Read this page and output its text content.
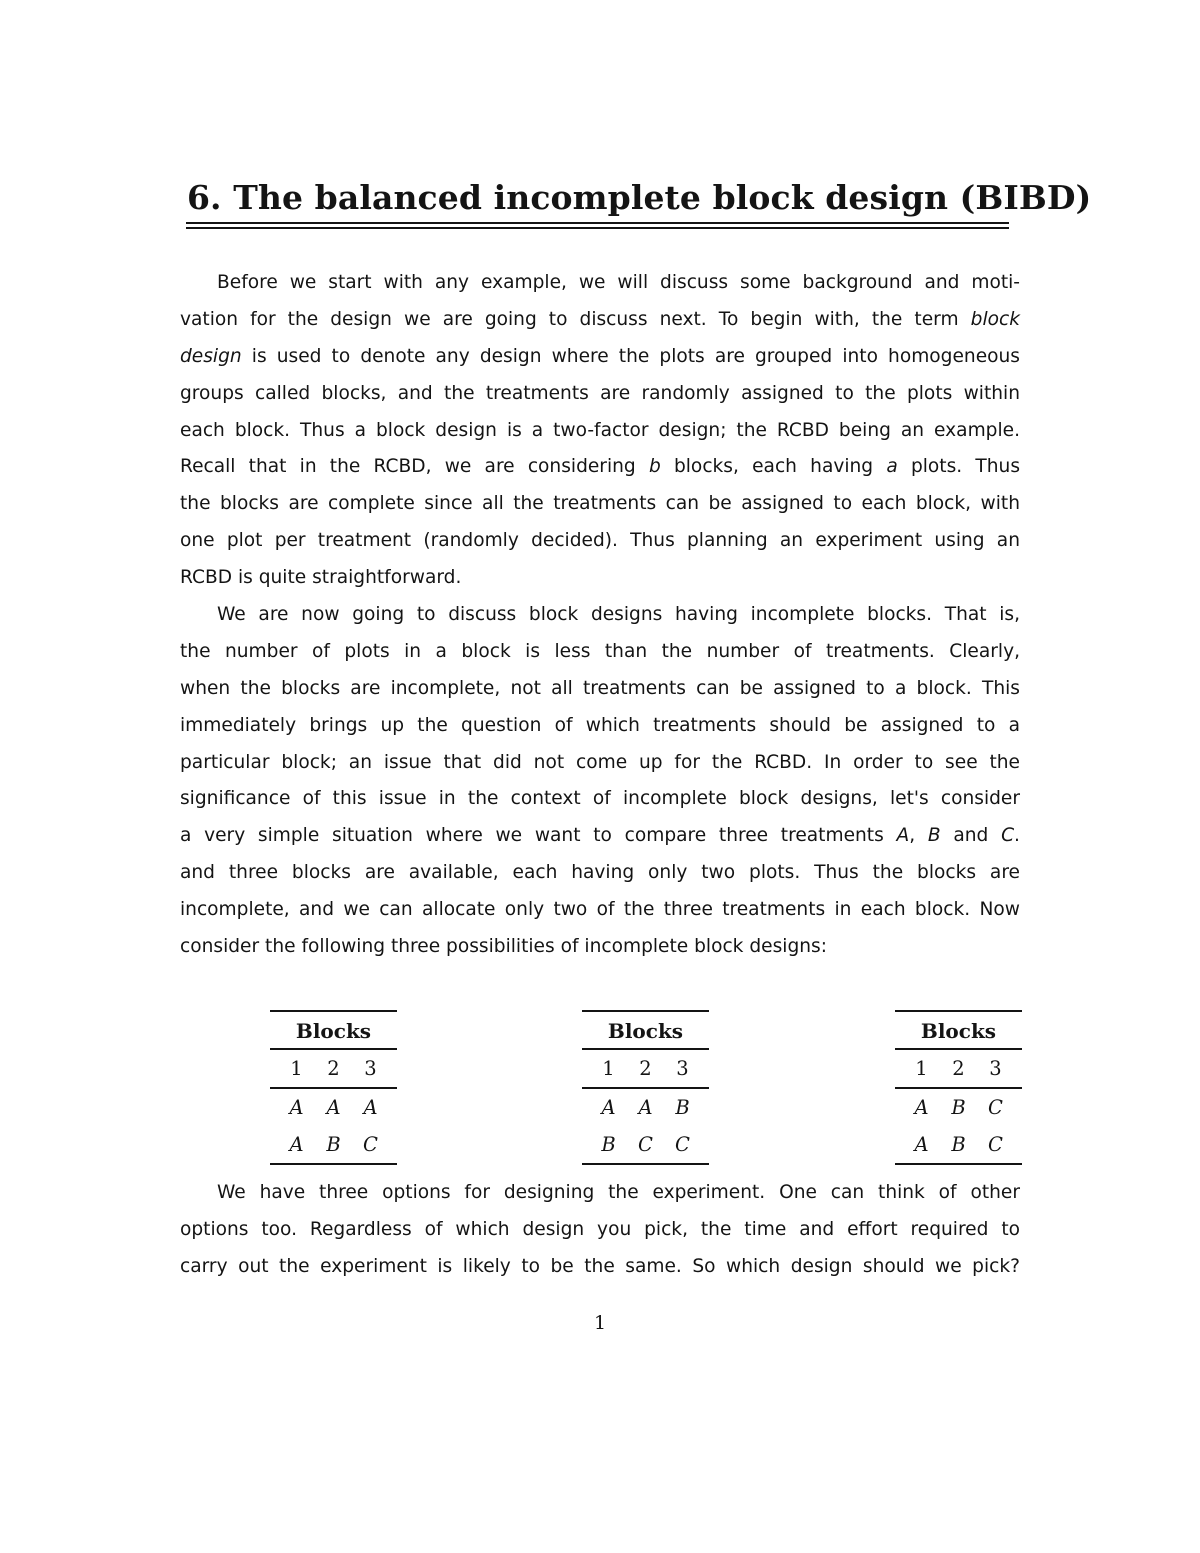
6. The balanced incomplete block design (BIBD)
Before we start with any example, we will discuss some background and moti-
vation for the design we are going to discuss next. To begin with, the term block
design is used to denote any design where the plots are grouped into homogeneous
groups called blocks, and the treatments are randomly assigned to the plots within
each block. Thus a block design is a two-factor design; the RCBD being an example.
Recall that in the RCBD, we are considering b blocks, each having a plots. Thus
the blocks are complete since all the treatments can be assigned to each block, with
one plot per treatment (randomly decided). Thus planning an experiment using an
RCBD is quite straightforward.
We are now going to discuss block designs having incomplete blocks. That is,
the number of plots in a block is less than the number of treatments. Clearly,
when the blocks are incomplete, not all treatments can be assigned to a block. This
immediately brings up the question of which treatments should be assigned to a
particular block; an issue that did not come up for the RCBD. In order to see the
significance of this issue in the context of incomplete block designs, let's consider
a very simple situation where we want to compare three treatments A, B and C.
and three blocks are available, each having only two plots. Thus the blocks are
incomplete, and we can allocate only two of the three treatments in each block. Now
consider the following three possibilities of incomplete block designs:
Blocks
1	2	3
A	A	A
A	B	C
Blocks
1	2	3
A	A	B
B	C	C
Blocks
1	2	3
A	B	C
A	B	C
We have three options for designing the experiment. One can think of other
options too. Regardless of which design you pick, the time and effort required to
carry out the experiment is likely to be the same. So which design should we pick?
1
